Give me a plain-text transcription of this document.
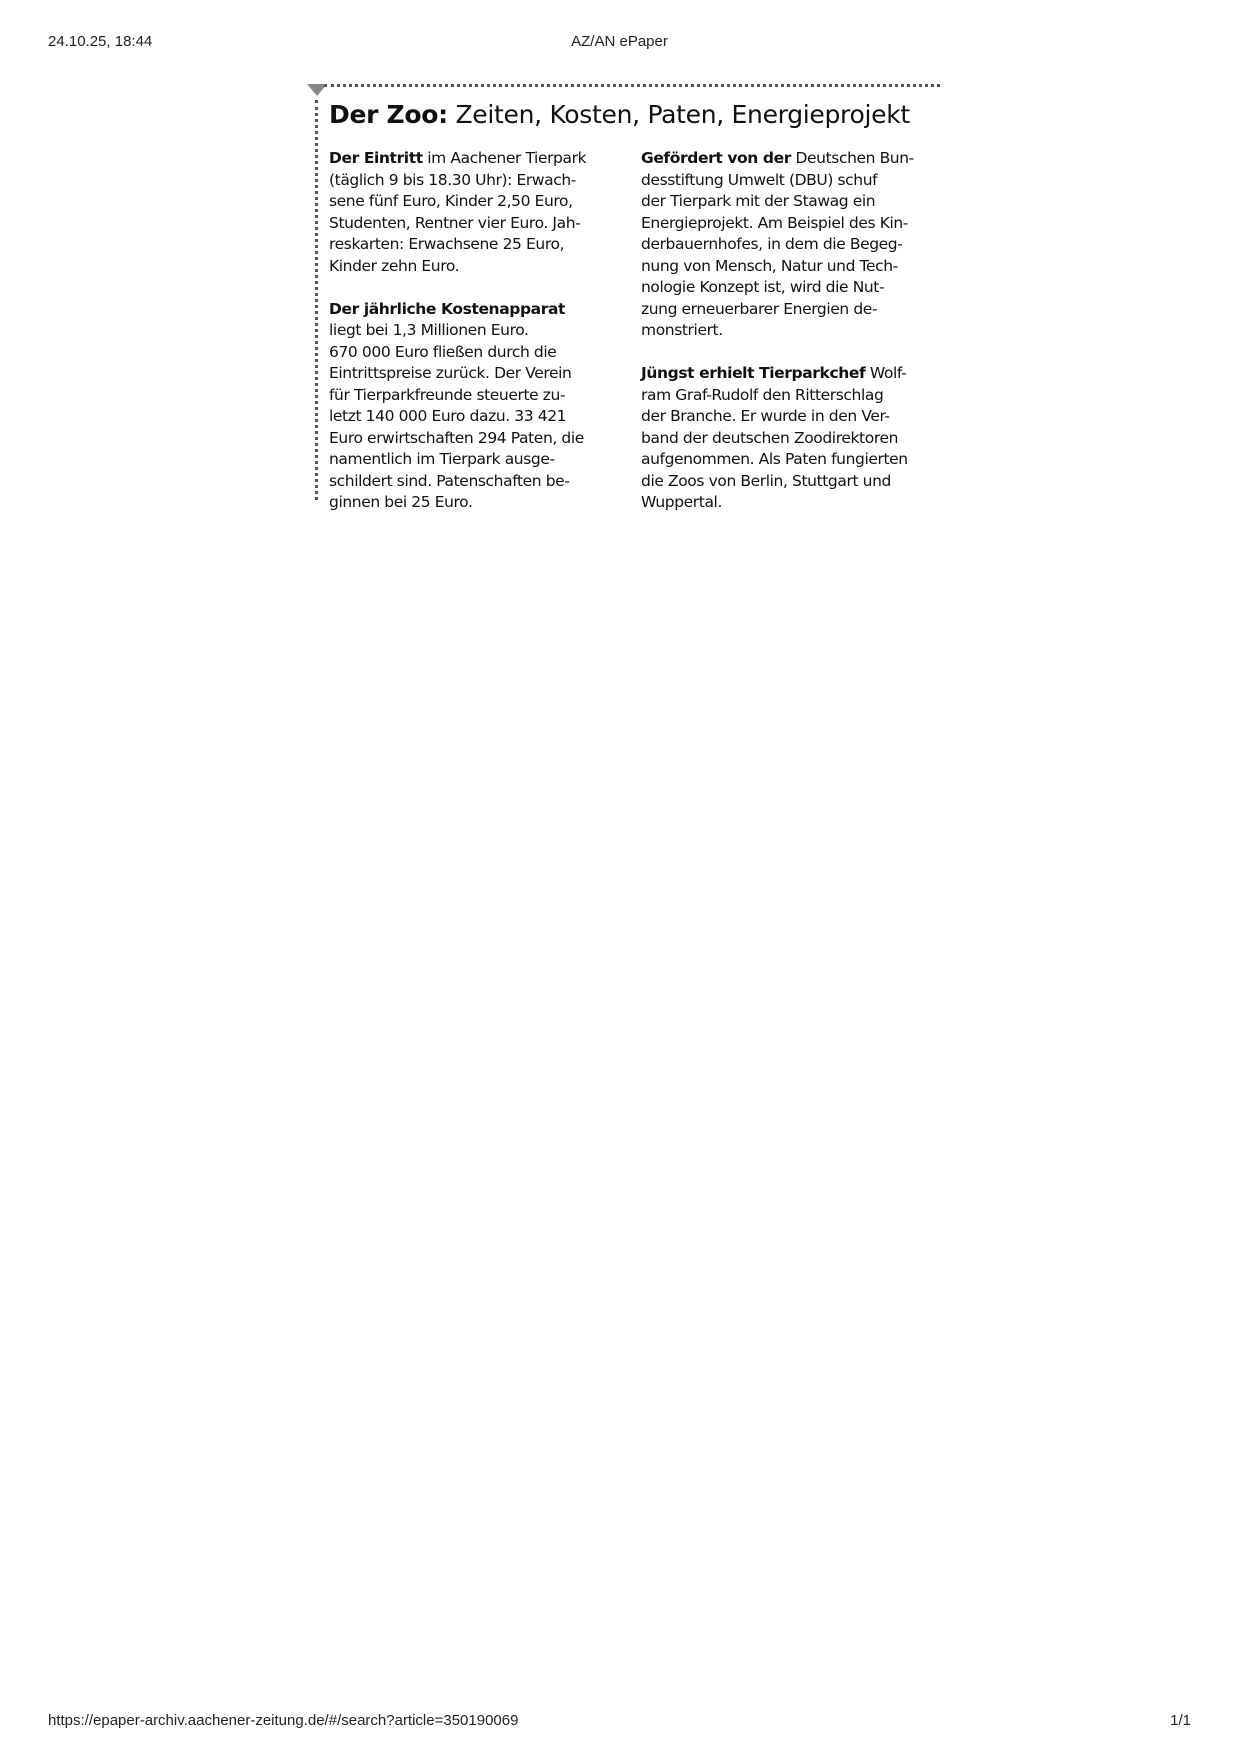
24.10.25, 18:44	AZ/AN ePaper
Der Zoo: Zeiten, Kosten, Paten, Energieprojekt
Der Eintritt im Aachener Tierpark
(täglich 9 bis 18.30 Uhr): Erwach-
sene fünf Euro, Kinder 2,50 Euro,
Studenten, Rentner vier Euro. Jah-
reskarten: Erwachsene 25 Euro,
Kinder zehn Euro.
Der jährliche Kostenapparat
liegt bei 1,3 Millionen Euro.
670 000 Euro fließen durch die
Eintrittspreise zurück. Der Verein
für Tierparkfreunde steuerte zu-
letzt 140 000 Euro dazu. 33 421
Euro erwirtschaften 294 Paten, die
namentlich im Tierpark ausge-
schildert sind. Patenschaften be-
ginnen bei 25 Euro.
Gefördert von der Deutschen Bun-
desstiftung Umwelt (DBU) schuf
der Tierpark mit der Stawag ein
Energieprojekt. Am Beispiel des Kin-
derbauernhofes, in dem die Begeg-
nung von Mensch, Natur und Tech-
nologie Konzept ist, wird die Nut-
zung erneuerbarer Energien de-
monstriert.
Jüngst erhielt Tierparkchef Wolf-
ram Graf-Rudolf den Ritterschlag
der Branche. Er wurde in den Ver-
band der deutschen Zoodirektoren
aufgenommen. Als Paten fungierten
die Zoos von Berlin, Stuttgart und
Wuppertal.
https://epaper-archiv.aachener-zeitung.de/#/search?article=350190069	1/1
